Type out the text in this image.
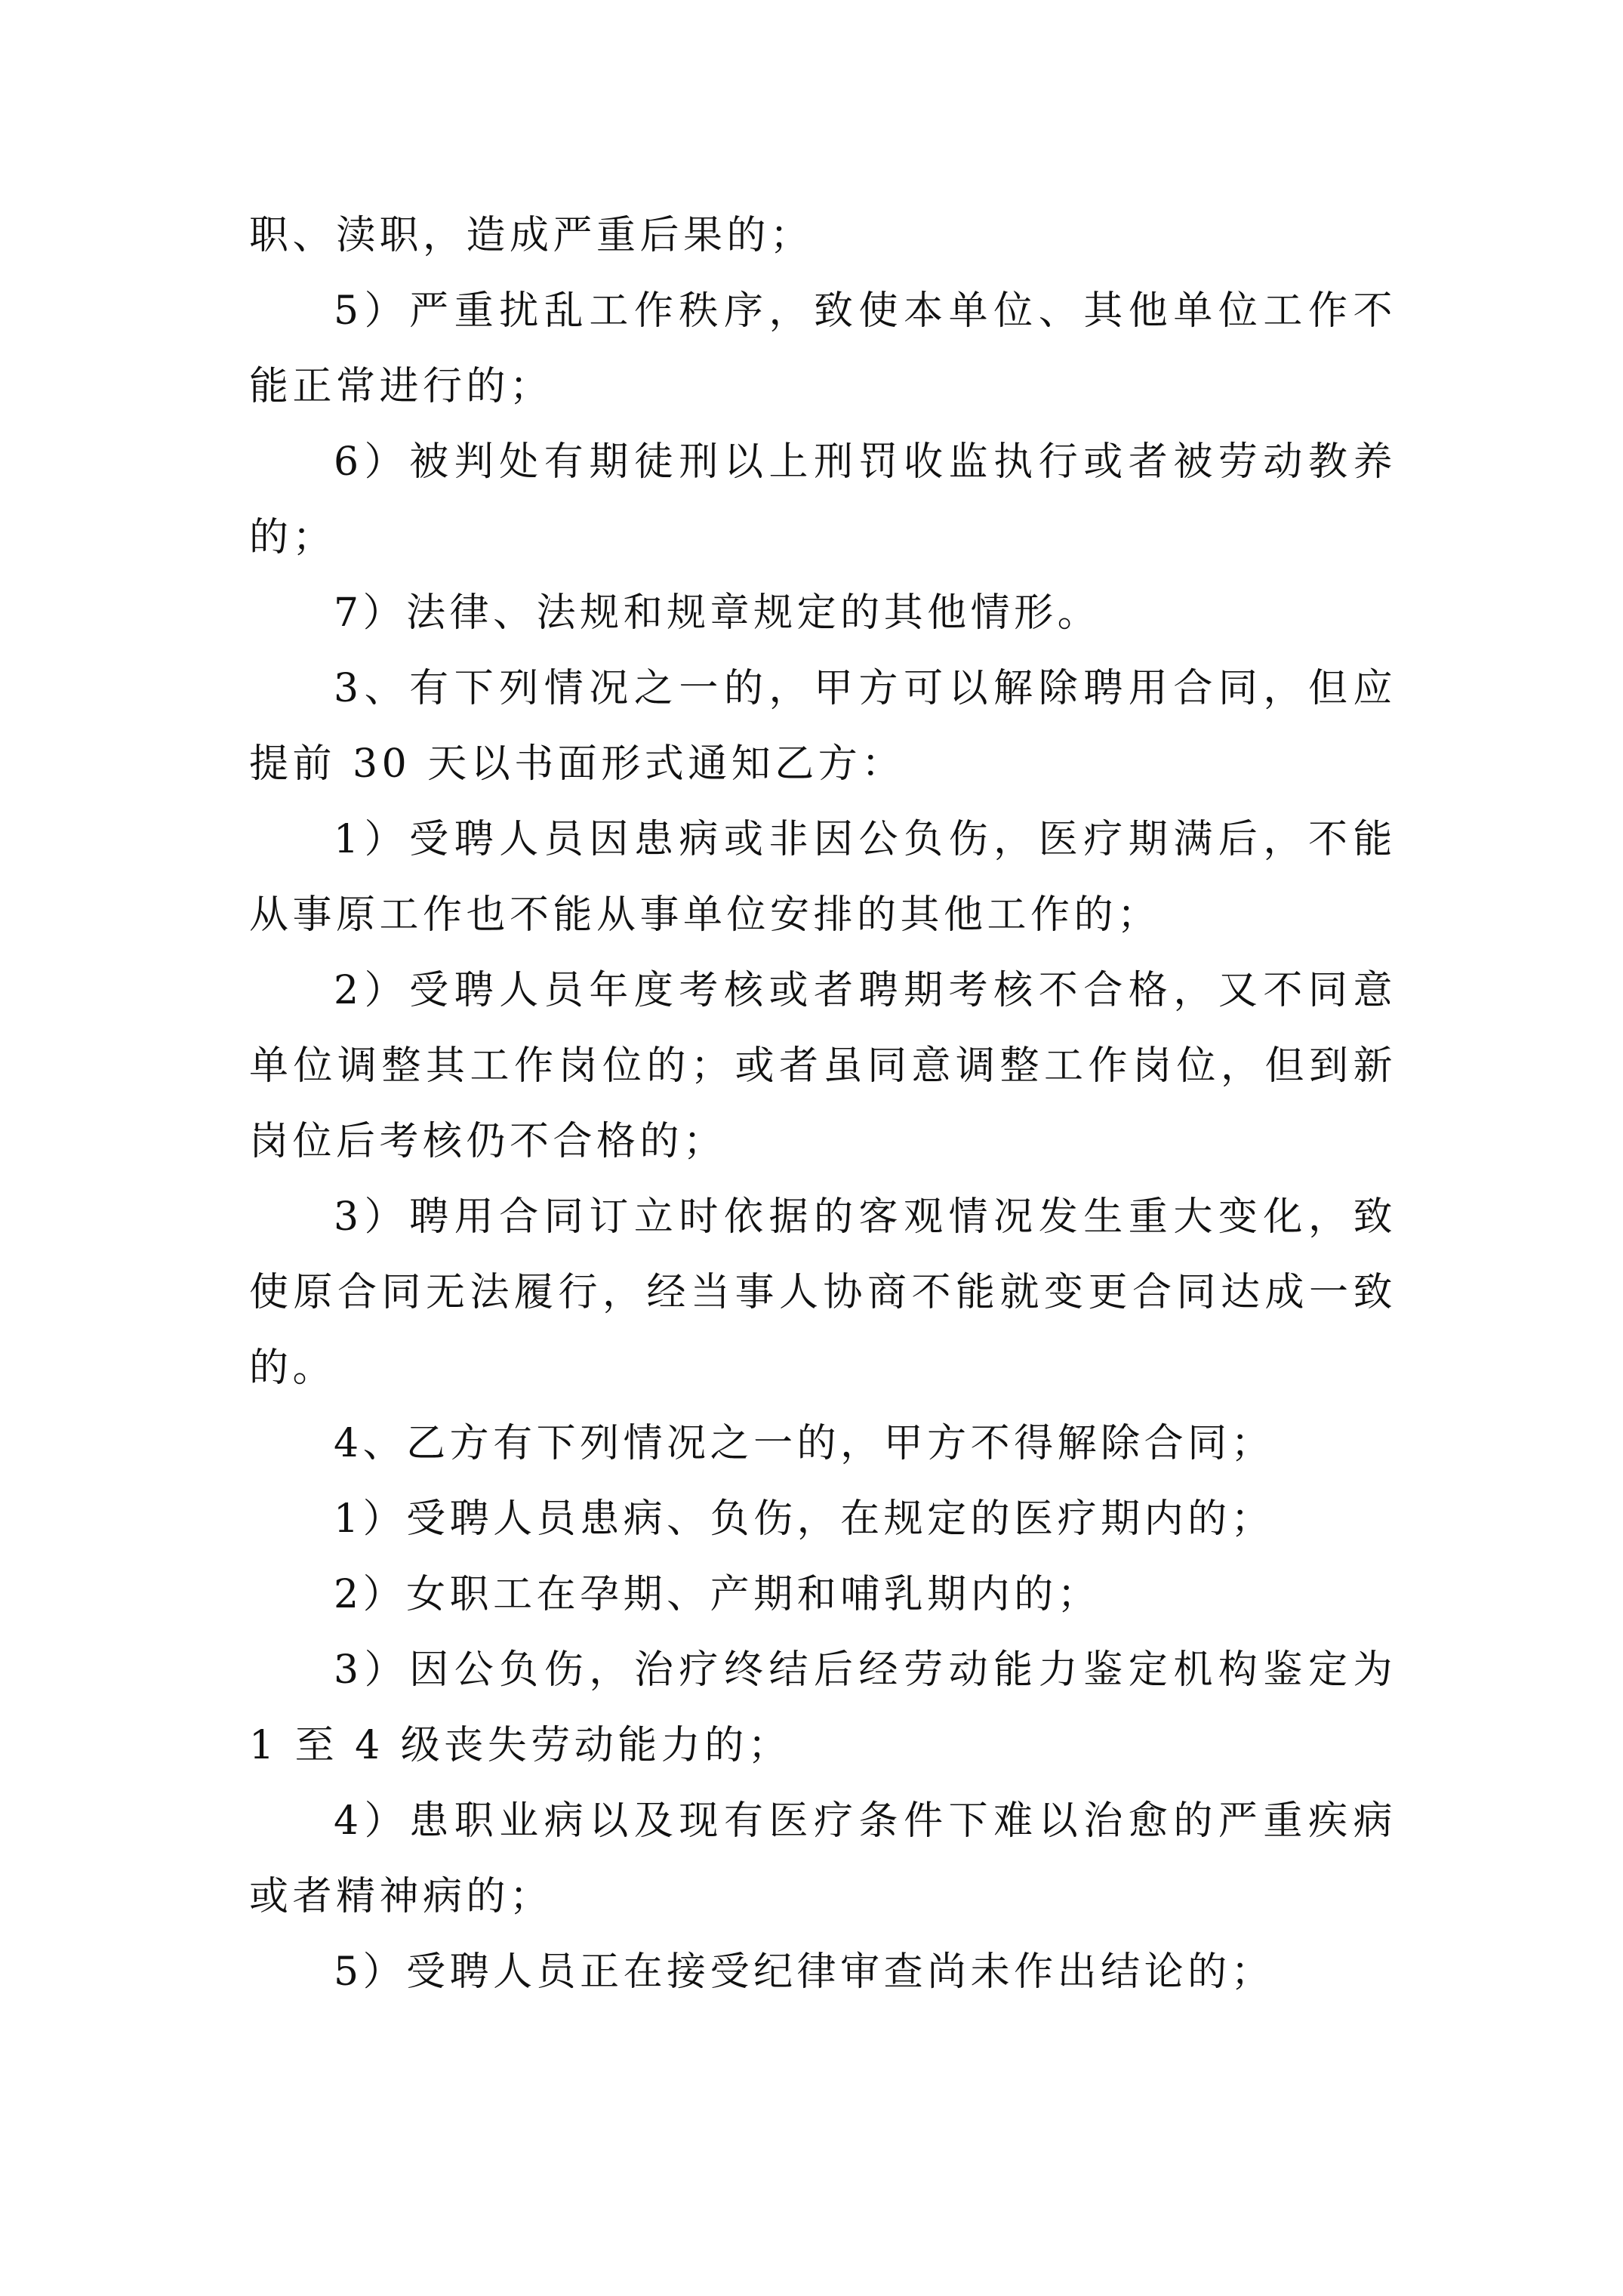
职、渎职，造成严重后果的；

5）严重扰乱工作秩序，致使本单位、其他单位工作不能正常进行的；

6）被判处有期徒刑以上刑罚收监执行或者被劳动教养的；

7）法律、法规和规章规定的其他情形。

3、有下列情况之一的，甲方可以解除聘用合同，但应提前 30 天以书面形式通知乙方：

1）受聘人员因患病或非因公负伤，医疗期满后，不能从事原工作也不能从事单位安排的其他工作的；

2）受聘人员年度考核或者聘期考核不合格，又不同意单位调整其工作岗位的；或者虽同意调整工作岗位，但到新岗位后考核仍不合格的；

3）聘用合同订立时依据的客观情况发生重大变化，致使原合同无法履行，经当事人协商不能就变更合同达成一致的。

4、乙方有下列情况之一的，甲方不得解除合同；

1）受聘人员患病、负伤，在规定的医疗期内的；

2）女职工在孕期、产期和哺乳期内的；

3）因公负伤，治疗终结后经劳动能力鉴定机构鉴定为 1 至 4 级丧失劳动能力的；

4）患职业病以及现有医疗条件下难以治愈的严重疾病或者精神病的；

5）受聘人员正在接受纪律审查尚未作出结论的；
